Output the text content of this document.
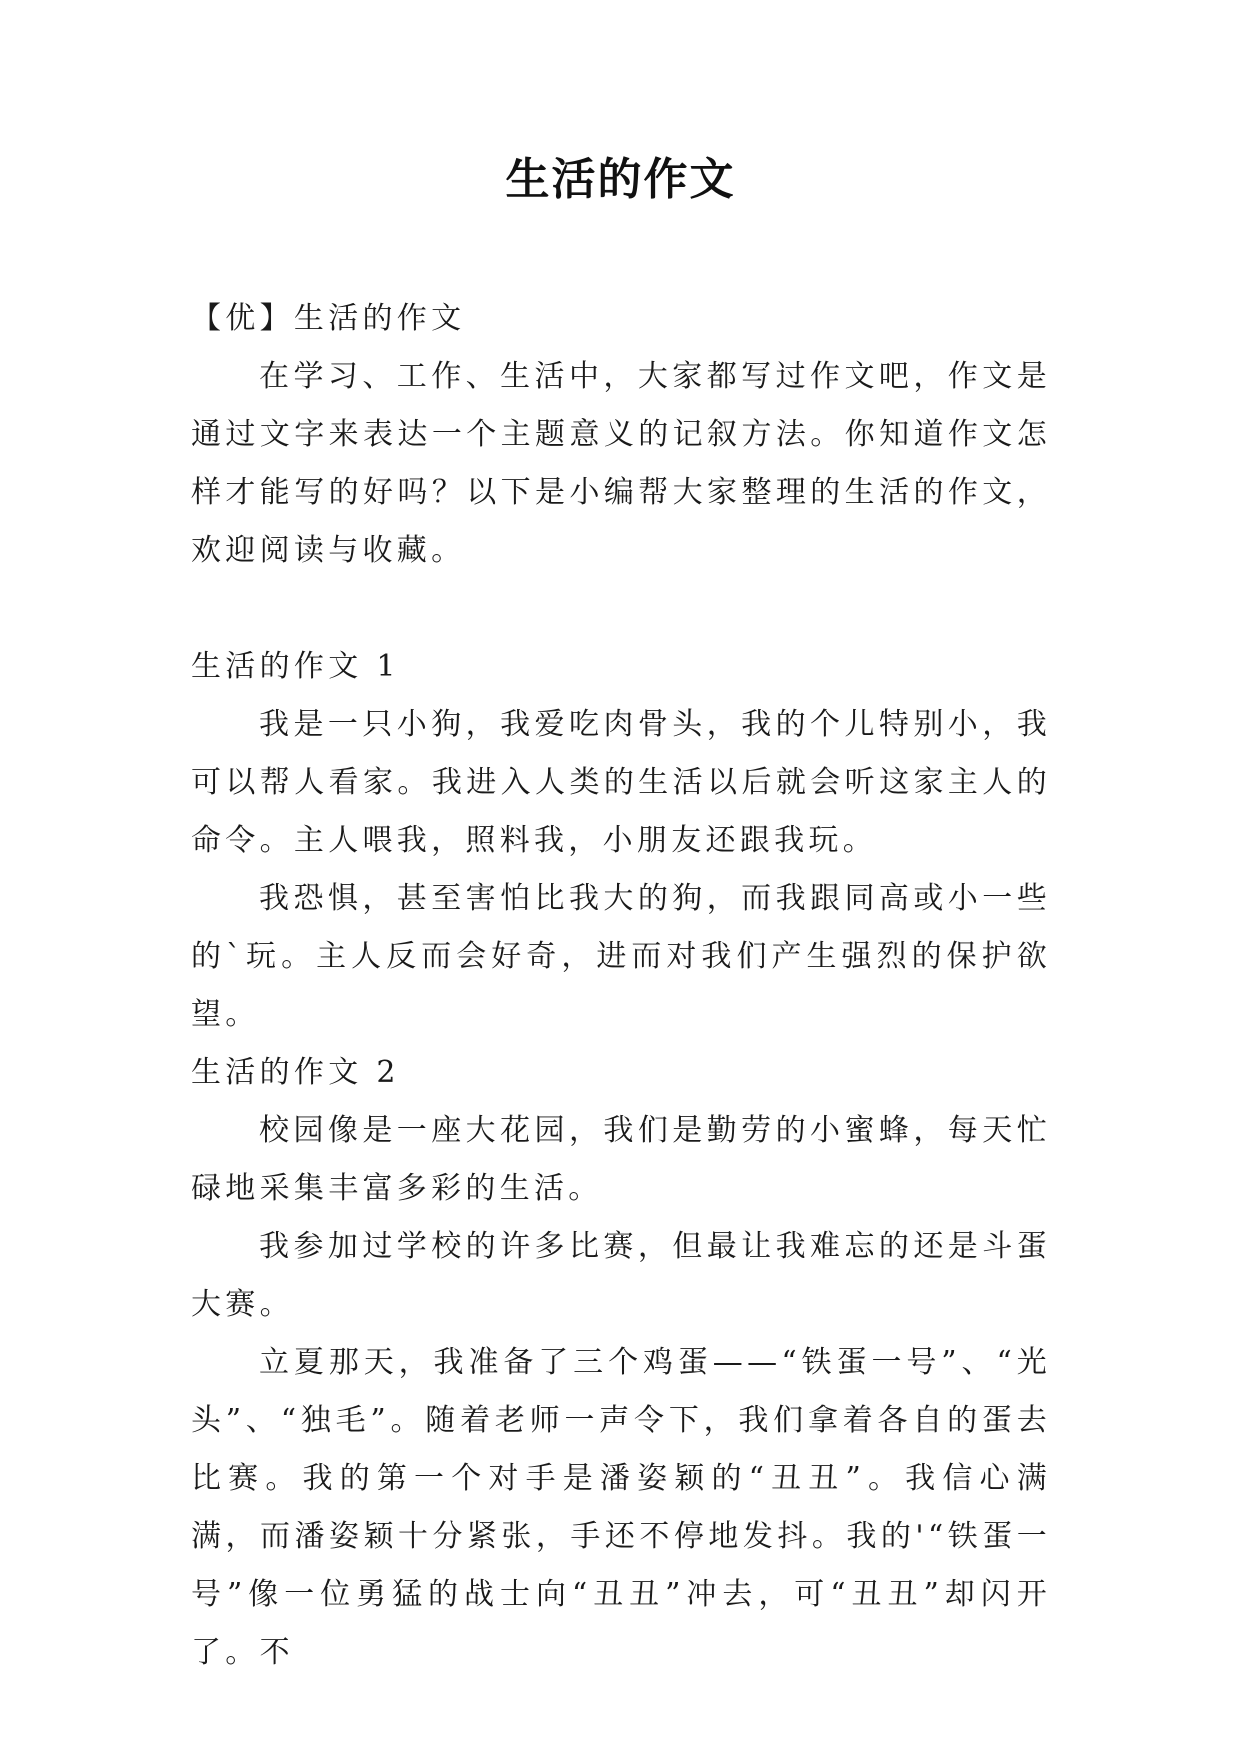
生活的作文

【优】生活的作文

在学习、工作、生活中，大家都写过作文吧，作文是通过文字来表达一个主题意义的记叙方法。你知道作文怎样才能写的好吗？以下是小编帮大家整理的生活的作文，欢迎阅读与收藏。

生活的作文 1

我是一只小狗，我爱吃肉骨头，我的个儿特别小，我可以帮人看家。我进入人类的生活以后就会听这家主人的命令。主人喂我，照料我，小朋友还跟我玩。

我恐惧，甚至害怕比我大的狗，而我跟同高或小一些的`玩。主人反而会好奇，进而对我们产生强烈的保护欲望。

生活的作文 2

校园像是一座大花园，我们是勤劳的小蜜蜂，每天忙碌地采集丰富多彩的生活。

我参加过学校的许多比赛，但最让我难忘的还是斗蛋大赛。

立夏那天，我准备了三个鸡蛋——“铁蛋一号”、“光头”、“独毛”。随着老师一声令下，我们拿着各自的蛋去比赛。我的第一个对手是潘姿颖的“丑丑”。我信心满满，而潘姿颖十分紧张，手还不停地发抖。我的'“铁蛋一号”像一位勇猛的战士向“丑丑”冲去，可“丑丑”却闪开了。不
